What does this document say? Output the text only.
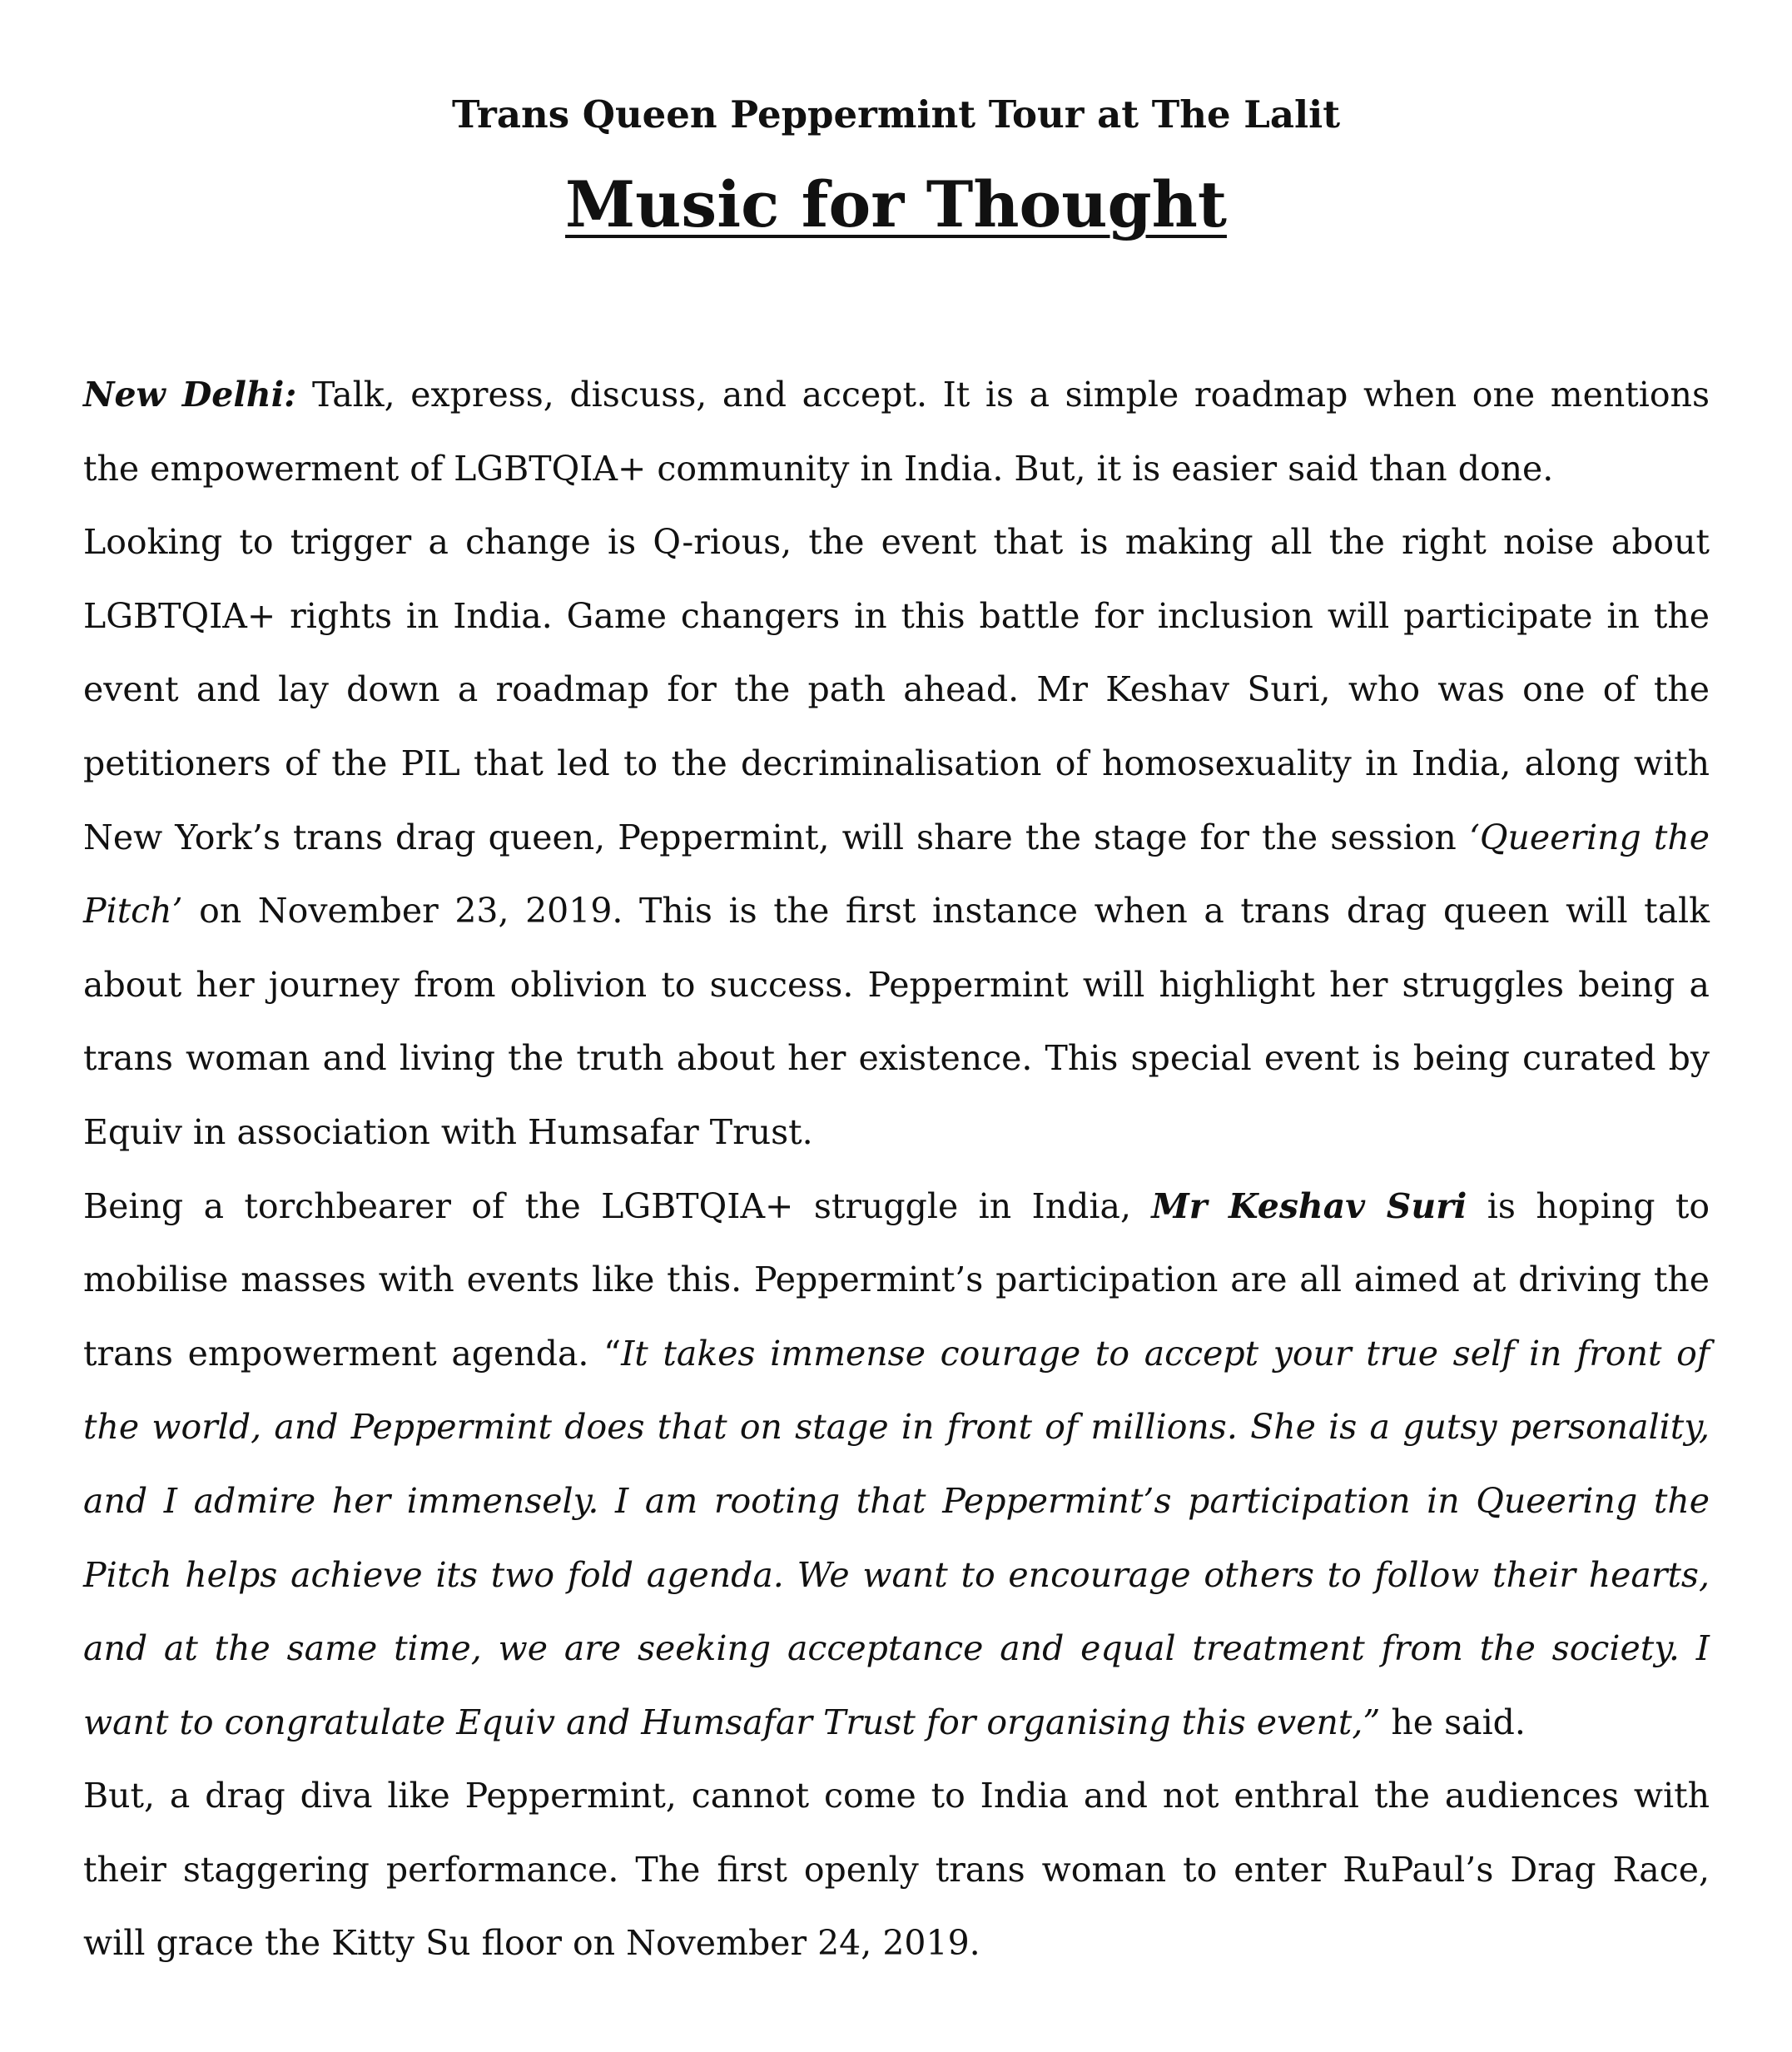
Trans Queen Peppermint Tour at The Lalit
Music for Thought

New Delhi: Talk, express, discuss, and accept. It is a simple roadmap when one mentions the empowerment of LGBTQIA+ community in India. But, it is easier said than done.

Looking to trigger a change is Q-rious, the event that is making all the right noise about LGBTQIA+ rights in India. Game changers in this battle for inclusion will participate in the event and lay down a roadmap for the path ahead. Mr Keshav Suri, who was one of the petitioners of the PIL that led to the decriminalisation of homosexuality in India, along with New York’s trans drag queen, Peppermint, will share the stage for the session ‘Queering the Pitch’ on November 23, 2019. This is the first instance when a trans drag queen will talk about her journey from oblivion to success. Peppermint will highlight her struggles being a trans woman and living the truth about her existence. This special event is being curated by Equiv in association with Humsafar Trust.

Being a torchbearer of the LGBTQIA+ struggle in India, Mr Keshav Suri is hoping to mobilise masses with events like this. Peppermint’s participation are all aimed at driving the trans empowerment agenda. “It takes immense courage to accept your true self in front of the world, and Peppermint does that on stage in front of millions. She is a gutsy personality, and I admire her immensely. I am rooting that Peppermint’s participation in Queering the Pitch helps achieve its two fold agenda. We want to encourage others to follow their hearts, and at the same time, we are seeking acceptance and equal treatment from the society. I want to congratulate Equiv and Humsafar Trust for organising this event,” he said.

But, a drag diva like Peppermint, cannot come to India and not enthral the audiences with their staggering performance. The first openly trans woman to enter RuPaul’s Drag Race, will grace the Kitty Su floor on November 24, 2019.
